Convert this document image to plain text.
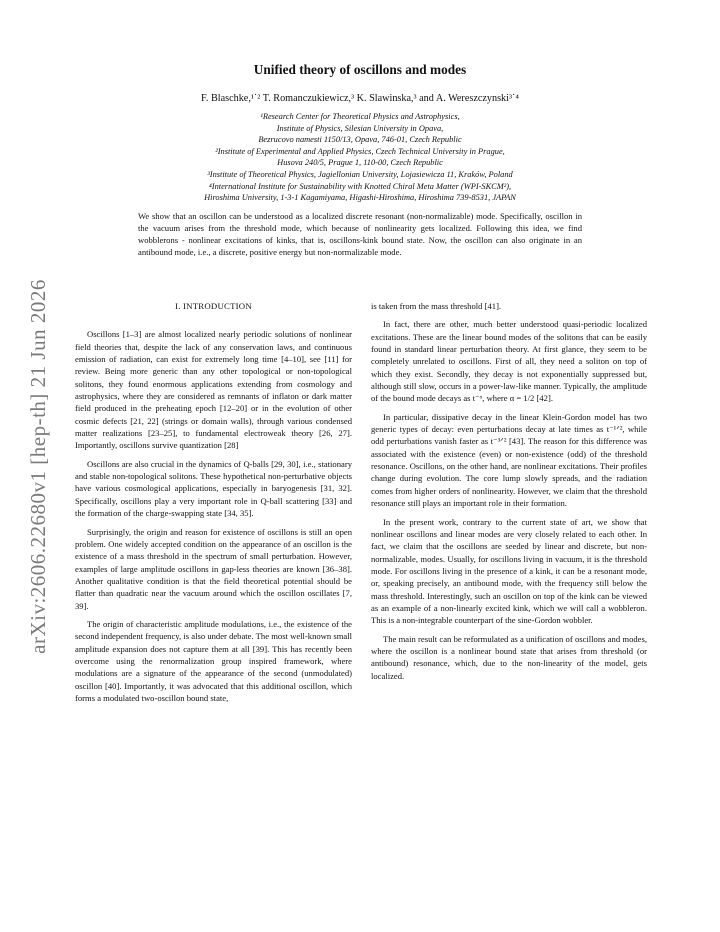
arXiv:2606.22680v1 [hep-th] 21 Jun 2026
Unified theory of oscillons and modes
F. Blaschke,¹˙² T. Romanczukiewicz,³ K. Slawinska,³ and A. Wereszczynski³˙⁴
¹Research Center for Theoretical Physics and Astrophysics,
Institute of Physics, Silesian University in Opava,
Bezrucovo namesti 1150/13, Opava, 746-01, Czech Republic
²Institute of Experimental and Applied Physics, Czech Technical University in Prague,
Husova 240/5, Prague 1, 110-00, Czech Republic
³Institute of Theoretical Physics, Jagiellonian University, Lojasiewicza 11, Kraków, Poland
⁴International Institute for Sustainability with Knotted Chiral Meta Matter (WPI-SKCM²),
Hiroshima University, 1-3-1 Kagamiyama, Higashi-Hiroshima, Hiroshima 739-8531, JAPAN
We show that an oscillon can be understood as a localized discrete resonant (non-normalizable) mode. Specifically, oscillon in the vacuum arises from the threshold mode, which because of nonlinearity gets localized. Following this idea, we find wobblerons - nonlinear excitations of kinks, that is, oscillons-kink bound state. Now, the oscillon can also originate in an antibound mode, i.e., a discrete, positive energy but non-normalizable mode.
I. INTRODUCTION

Oscillons [1–3] are almost localized nearly periodic solutions of nonlinear field theories that, despite the lack of any conservation laws, and continuous emission of radiation, can exist for extremely long time [4–10], see [11] for review. Being more generic than any other topological or non-topological solitons, they found enormous applications extending from cosmology and astrophysics, where they are considered as remnants of inflaton or dark matter field produced in the preheating epoch [12–20] or in the evolution of other cosmic defects [21, 22] (strings or domain walls), through various condensed matter realizations [23–25], to fundamental electroweak theory [26, 27]. Importantly, oscillons survive quantization [28]

Oscillons are also crucial in the dynamics of Q-balls [29, 30], i.e., stationary and stable non-topological solitons. These hypothetical non-perturbative objects have various cosmological applications, especially in baryogenesis [31, 32]. Specifically, oscillons play a very important role in Q-ball scattering [33] and the formation of the charge-swapping state [34, 35].

Surprisingly, the origin and reason for existence of oscillons is still an open problem. One widely accepted condition on the appearance of an oscillon is the existence of a mass threshold in the spectrum of small perturbation. However, examples of large amplitude oscillons in gap-less theories are known [36–38]. Another qualitative condition is that the field theoretical potential should be flatter than quadratic near the vacuum around which the oscillon oscillates [7, 39].

The origin of characteristic amplitude modulations, i.e., the existence of the second independent frequency, is also under debate. The most well-known small amplitude expansion does not capture them at all [39]. This has recently been overcome using the renormalization group inspired framework, where modulations are a signature of the appearance of the second (unmodulated) oscillon [40]. Importantly, it was advocated that this additional oscillon, which forms a modulated two-oscillon bound state,

is taken from the mass threshold [41].

In fact, there are other, much better understood quasi-periodic localized excitations. These are the linear bound modes of the solitons that can be easily found in standard linear perturbation theory. At first glance, they seem to be completely unrelated to oscillons. First of all, they need a soliton on top of which they exist. Secondly, they decay is not exponentially suppressed but, although still slow, occurs in a power-law-like manner. Typically, the amplitude of the bound mode decays as t⁻ᵅ, where α = 1/2 [42].

In particular, dissipative decay in the linear Klein-Gordon model has two generic types of decay: even perturbations decay at late times as t⁻¹ᐟ², while odd perturbations vanish faster as t⁻³ᐟ² [43]. The reason for this difference was associated with the existence (even) or non-existence (odd) of the threshold resonance. Oscillons, on the other hand, are nonlinear excitations. Their profiles change during evolution. The core lump slowly spreads, and the radiation comes from higher orders of nonlinearity. However, we claim that the threshold resonance still plays an important role in their formation.

In the present work, contrary to the current state of art, we show that nonlinear oscillons and linear modes are very closely related to each other. In fact, we claim that the oscillons are seeded by linear and discrete, but non-normalizable, modes. Usually, for oscillons living in vacuum, it is the threshold mode. For oscillons living in the presence of a kink, it can be a resonant mode, or, speaking precisely, an antibound mode, with the frequency still below the mass threshold. Interestingly, such an oscillon on top of the kink can be viewed as an example of a non-linearly excited kink, which we will call a wobbleron. This is a non-integrable counterpart of the sine-Gordon wobbler.

The main result can be reformulated as a unification of oscillons and modes, where the oscillon is a nonlinear bound state that arises from threshold (or antibound) resonance, which, due to the non-linearity of the model, gets localized.
